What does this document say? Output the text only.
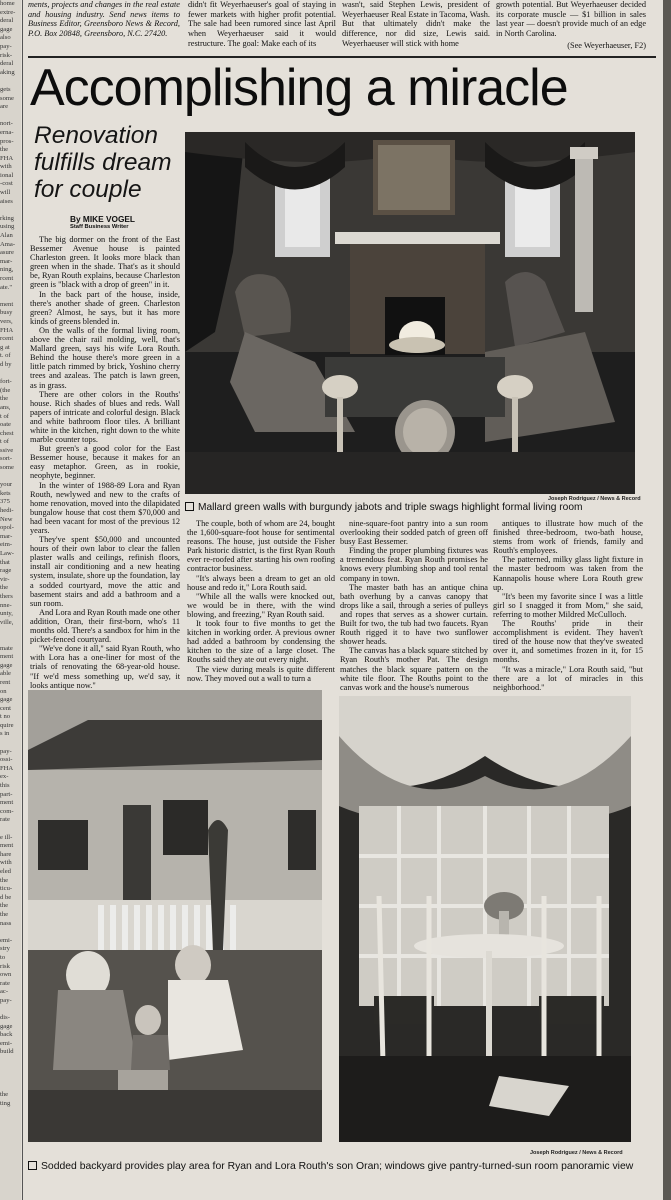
home
extre-
deral
gage
also
pay-
risk-
deral
aking

gets
some
are

nort-
erna-
pros-
the
FHA
with
ional
-cost
will
aises

rking
using
Alan
Ama-
asure
mar-
ning,
rcent
ate."

ment
busy
vers,
FHA
rcent
g at
t. of
d by

fort-
(the
the
ans,
t of
oate
chest
t of
ssive
sort-
some

your
kets
375
hedi-
New
opol-
mar-
eim-
Law-
that
rage
vir-
the
thers
nne-
unty,
ville,

mate
ment
gage
able
rent
on
gage
cent
t no
quire
s in

pay-
ossi-
FHA
ex-
this
part-
ment
com-
rate

e ill-
ment
hare
with
eled
the
ticu-
d be
the
the
nass

emi-
stry
to
risk
own
rate
ac-
pay-

dis-
gage
back
emi-
build

the
ting

ments, projects and changes in the real estate and housing industry. Send news items to Business Editor, Greensboro News & Record, P.O. Box 20848, Greensboro, N.C. 27420.

didn't fit Weyerhaeuser's goal of staying in fewer markets with higher profit potential. The sale had been rumored since last April when Weyerhaeuser said it would restructure. The goal: Make each of its

wasn't, said Stephen Lewis, president of Weyerhaeuser Real Estate in Tacoma, Wash. But that ultimately didn't make the difference, nor did size, Lewis said. Weyerhaeuser will stick with home

growth potential. But Weyerhaeuser decided its corporate muscle — $1 billion in sales last year — doesn't provide much of an edge in North Carolina.

(See Weyerhaeuser, F2)

Accomplishing a miracle
Renovation fulfills dream for couple
By MIKE VOGEL
Staff Business Writer

The big dormer on the front of the East Bessemer Avenue house is painted Charleston green. It looks more black than green when in the shade. That's as it should be, Ryan Routh explains, because Charleston green is "black with a drop of green" in it.

In the back part of the house, inside, there's another shade of green. Charleston green? Almost, he says, but it has more kinds of greens blended in.

On the walls of the formal living room, above the chair rail molding, well, that's Mallard green, says his wife Lora Routh. Behind the house there's more green in a little patch rimmed by brick, Yoshino cherry trees and azaleas. The patch is lawn green, as in grass.

There are other colors in the Rouths' house. Rich shades of blues and reds. Wall papers of intricate and colorful design. Black and white bathroom floor tiles. A brilliant white in the kitchen, right down to the white marble counter tops.

But green's a good color for the East Bessemer house, because it makes for an easy metaphor. Green, as in rookie, neophyte, beginner.

In the winter of 1988-89 Lora and Ryan Routh, newlywed and new to the crafts of home renovation, moved into the dilapidated bungalow house that cost them $70,000 and had been vacant for most of the previous 12 years.

They've spent $50,000 and uncounted hours of their own labor to clear the fallen plaster walls and ceilings, refinish floors, install air conditioning and a new heating system, insulate, shore up the foundation, lay a sodded courtyard, move the attic and basement stairs and add a bathroom and a sun room.

And Lora and Ryan Routh made one other addition, Oran, their first-born, who's 11 months old. There's a sandbox for him in the picket-fenced courtyard.

"We've done it all," said Ryan Routh, who with Lora has a one-liner for most of the trials of renovating the 68-year-old house. "If we'd mess something up, we'd say, it looks antique now."

Joseph Rodriguez / News & Record
Mallard green walls with burgundy jabots and triple swags highlight formal living room

The couple, both of whom are 24, bought the 1,600-square-foot house for sentimental reasons. The house, just outside the Fisher Park historic district, is the first Ryan Routh ever re-roofed after starting his own roofing contractor business.

"It's always been a dream to get an old house and redo it," Lora Routh said.

"While all the walls were knocked out, we would be in there, with the wind blowing, and freezing," Ryan Routh said.

It took four to five months to get the kitchen in working order. A previous owner had added a bathroom by condensing the kitchen to the size of a large closet. The Rouths said they ate out every night.

The view during meals is quite different now. They moved out a wall to turn a

nine-square-foot pantry into a sun room overlooking their sodded patch of green off busy East Bessemer.

Finding the proper plumbing fixtures was a tremendous feat. Ryan Routh promises he knows every plumbing shop and tool rental company in town.

The master bath has an antique china bath overhung by a canvas canopy that drops like a sail, through a series of pulleys and ropes that serves as a shower curtain. Built for two, the tub had two faucets. Ryan Routh rigged it to have two sunflower shower heads.

The canvas has a black square stitched by Ryan Routh's mother Pat. The design matches the black square pattern on the white tile floor. The Rouths point to the canvas work and the house's numerous

antiques to illustrate how much of the finished three-bedroom, two-bath house, stems from work of friends, family and Routh's employees.

The patterned, milky glass light fixture in the master bedroom was taken from the Kannapolis house where Lora Routh grew up.

"It's been my favorite since I was a little girl so I snagged it from Mom," she said, referring to mother Mildred McCulloch.

The Rouths' pride in their accomplishment is evident. They haven't tired of the house now that they've sweated over it, and sometimes frozen in it, for 15 months.

"It was a miracle," Lora Routh said, "but there are a lot of miracles in this neighborhood."

Joseph Rodriguez / News & Record
Sodded backyard provides play area for Ryan and Lora Routh's son Oran; windows give pantry-turned-sun room panoramic view
